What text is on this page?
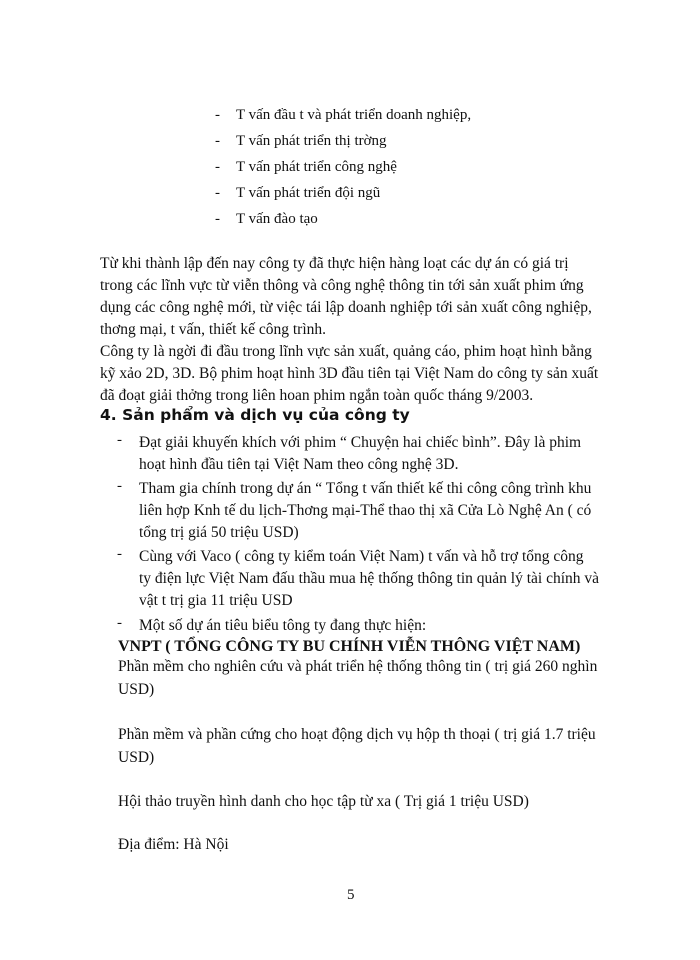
- T vấn đầu t và phát triển doanh nghiệp,
- T vấn phát triển thị trờng
- T vấn phát triển công nghệ
- T vấn phát triển đội ngũ
- T vấn đào tạo
Từ khi thành lập đến nay công ty đã thực hiện hàng loạt các dự án có giá trị
trong các lĩnh vực từ viễn thông và công nghệ thông tin tới sản xuất phim ứng
dụng các công nghệ mới, từ việc tái lập doanh nghiệp tới sản xuất công nghiệp,
thơng mại, t vấn, thiết kế công trình.
Công ty là ngời đi đầu trong lĩnh vực sản xuất, quảng cáo, phim hoạt hình bằng
kỹ xảo 2D, 3D. Bộ phim hoạt hình 3D đầu tiên tại Việt Nam do công ty sản xuất
đã đoạt giải thởng trong liên hoan phim ngắn toàn quốc tháng 9/2003.
4. Sản phẩm và dịch vụ của công ty
- Đạt giải khuyến khích với phim “ Chuyện hai chiếc bình”. Đây là phim
hoạt hình đầu tiên tại Việt Nam theo công nghệ 3D.
- Tham gia chính trong dự án “ Tổng t vấn thiết kế thi công công trình khu
liên hợp Knh tế du lịch-Thơng mại-Thể thao thị xã Cửa Lò Nghệ An ( có
tổng trị giá 50 triệu USD)
- Cùng với Vaco ( công ty kiểm toán Việt Nam) t vấn và hỗ trợ tổng công
ty điện lực Việt Nam đấu thầu mua hệ thống thông tin quản lý tài chính và
vật t trị gia 11 triệu USD
- Một số dự án tiêu biểu tông ty đang thực hiện:
VNPT ( TỔNG CÔNG TY BU CHÍNH VIỄN THÔNG VIỆT NAM)
Phần mềm cho nghiên cứu và phát triển hệ thống thông tin ( trị giá 260 nghìn
USD)
Phần mềm và phần cứng cho hoạt động dịch vụ hộp th thoại ( trị giá 1.7 triệu
USD)
Hội thảo truyền hình danh cho học tập từ xa ( Trị giá 1 triệu USD)
Địa điểm: Hà Nội
5
